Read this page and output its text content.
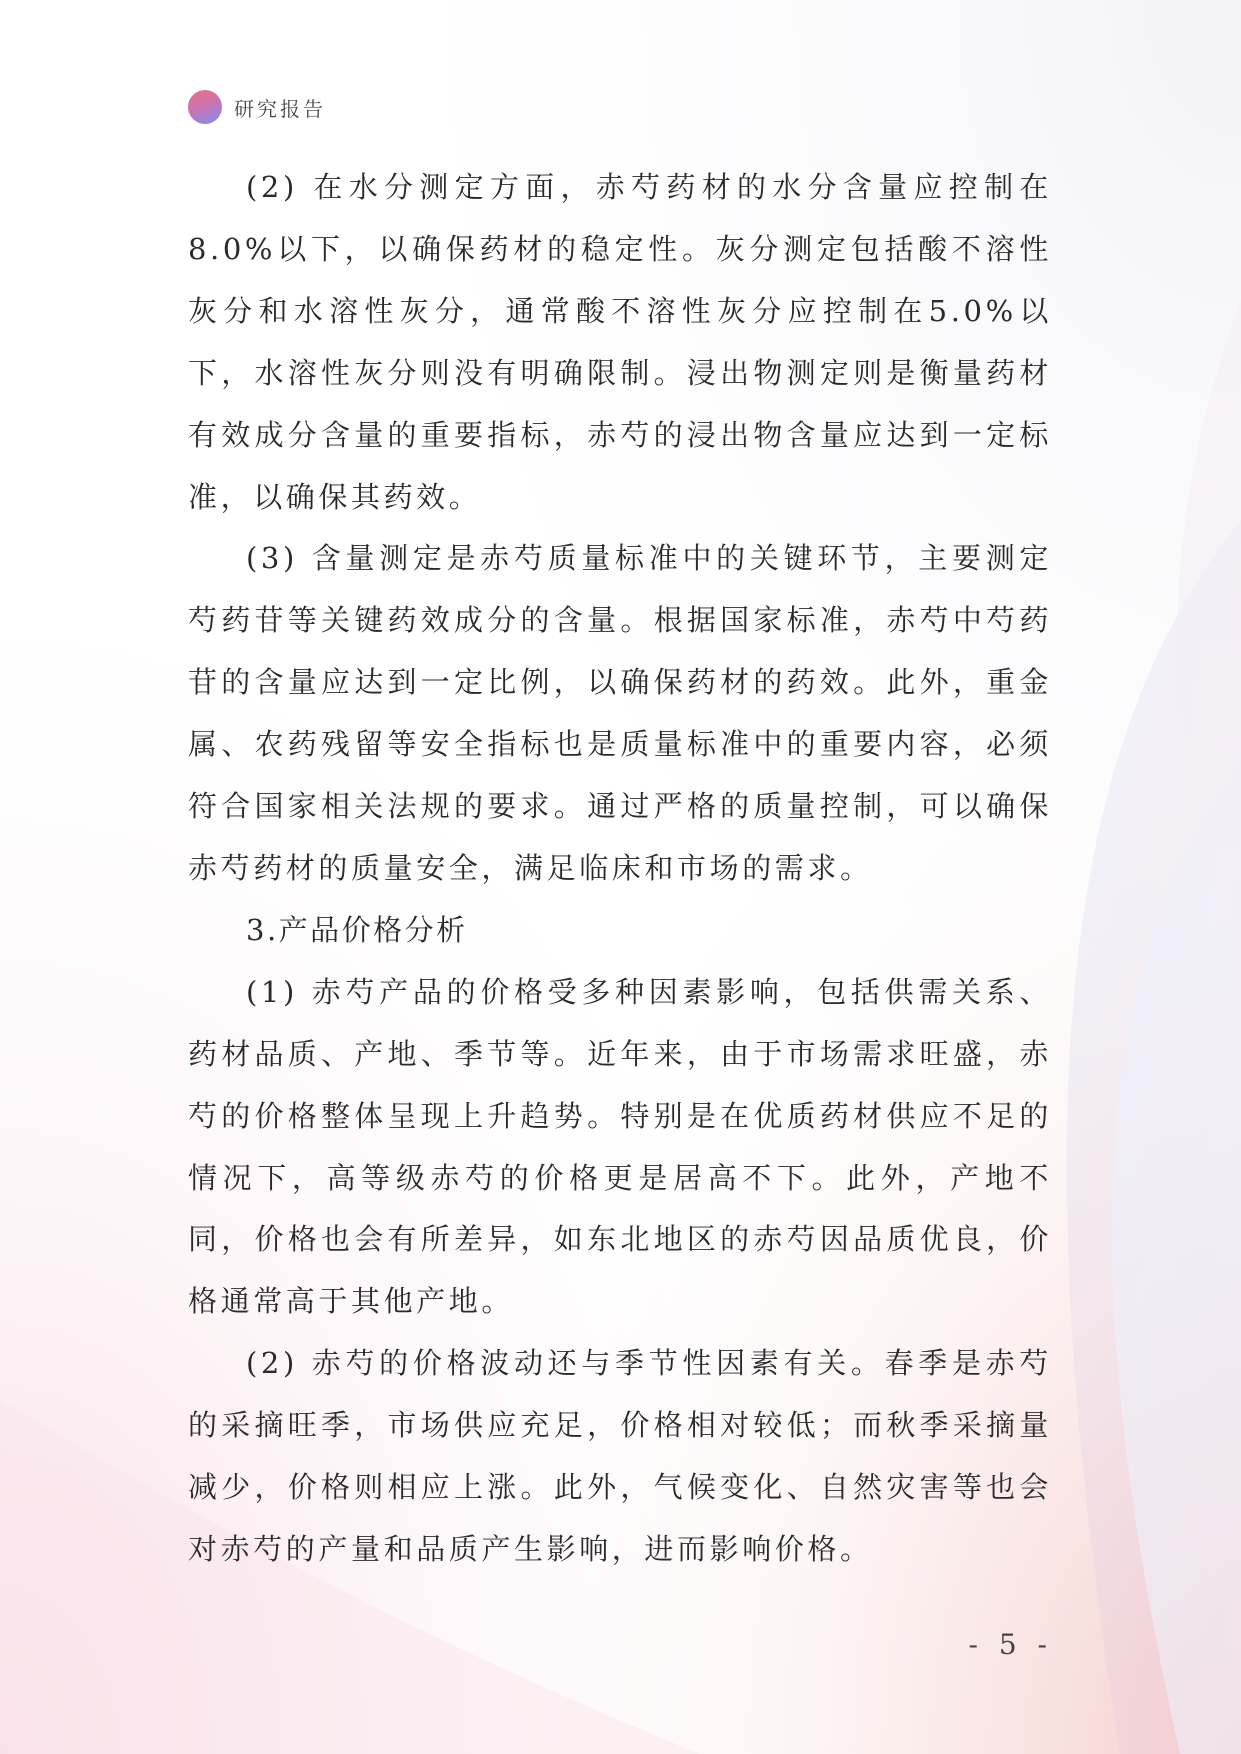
研究报告

(2) 在水分测定方面，赤芍药材的水分含量应控制在8.0%以下，以确保药材的稳定性。灰分测定包括酸不溶性灰分和水溶性灰分，通常酸不溶性灰分应控制在5.0%以下，水溶性灰分则没有明确限制。浸出物测定则是衡量药材有效成分含量的重要指标，赤芍的浸出物含量应达到一定标准，以确保其药效。

(3) 含量测定是赤芍质量标准中的关键环节，主要测定芍药苷等关键药效成分的含量。根据国家标准，赤芍中芍药苷的含量应达到一定比例，以确保药材的药效。此外，重金属、农药残留等安全指标也是质量标准中的重要内容，必须符合国家相关法规的要求。通过严格的质量控制，可以确保赤芍药材的质量安全，满足临床和市场的需求。

3.产品价格分析

(1) 赤芍产品的价格受多种因素影响，包括供需关系、药材品质、产地、季节等。近年来，由于市场需求旺盛，赤芍的价格整体呈现上升趋势。特别是在优质药材供应不足的情况下，高等级赤芍的价格更是居高不下。此外，产地不同，价格也会有所差异，如东北地区的赤芍因品质优良，价格通常高于其他产地。

(2) 赤芍的价格波动还与季节性因素有关。春季是赤芍的采摘旺季，市场供应充足，价格相对较低；而秋季采摘量减少，价格则相应上涨。此外，气候变化、自然灾害等也会对赤芍的产量和品质产生影响，进而影响价格。

- 5 -
